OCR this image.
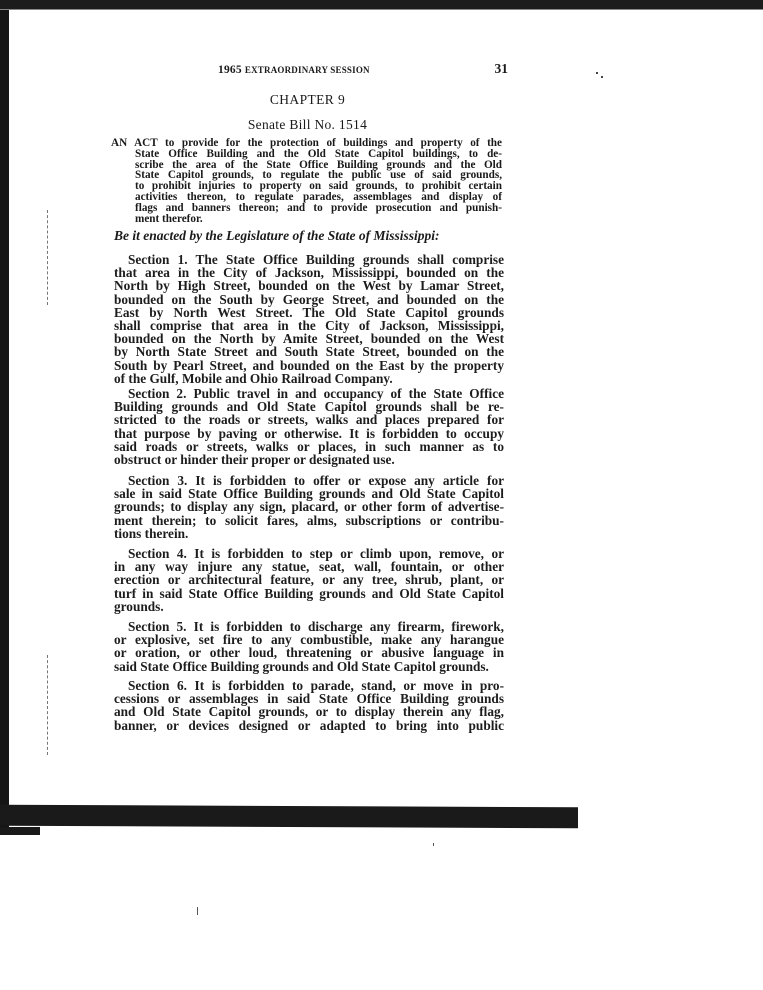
1965 EXTRAORDINARY SESSION	31
CHAPTER 9
Senate Bill No. 1514
AN ACT to provide for the protection of buildings and property of the
State Office Building and the Old State Capitol buildings, to de-
scribe the area of the State Office Building grounds and the Old
State Capitol grounds, to regulate the public use of said grounds,
to prohibit injuries to property on said grounds, to prohibit certain
activities thereon, to regulate parades, assemblages and display of
flags and banners thereon; and to provide prosecution and punish-
ment therefor.
Be it enacted by the Legislature of the State of Mississippi:
Section 1. The State Office Building grounds shall comprise
that area in the City of Jackson, Mississippi, bounded on the
North by High Street, bounded on the West by Lamar Street,
bounded on the South by George Street, and bounded on the
East by North West Street. The Old State Capitol grounds
shall comprise that area in the City of Jackson, Mississippi,
bounded on the North by Amite Street, bounded on the West
by North State Street and South State Street, bounded on the
South by Pearl Street, and bounded on the East by the property
of the Gulf, Mobile and Ohio Railroad Company.
Section 2. Public travel in and occupancy of the State Office
Building grounds and Old State Capitol grounds shall be re-
stricted to the roads or streets, walks and places prepared for
that purpose by paving or otherwise. It is forbidden to occupy
said roads or streets, walks or places, in such manner as to
obstruct or hinder their proper or designated use.
Section 3. It is forbidden to offer or expose any article for
sale in said State Office Building grounds and Old State Capitol
grounds; to display any sign, placard, or other form of advertise-
ment therein; to solicit fares, alms, subscriptions or contribu-
tions therein.
Section 4. It is forbidden to step or climb upon, remove, or
in any way injure any statue, seat, wall, fountain, or other
erection or architectural feature, or any tree, shrub, plant, or
turf in said State Office Building grounds and Old State Capitol
grounds.
Section 5. It is forbidden to discharge any firearm, firework,
or explosive, set fire to any combustible, make any harangue
or oration, or other loud, threatening or abusive language in
said State Office Building grounds and Old State Capitol grounds.
Section 6. It is forbidden to parade, stand, or move in pro-
cessions or assemblages in said State Office Building grounds
and Old State Capitol grounds, or to display therein any flag,
banner, or devices designed or adapted to bring into public
